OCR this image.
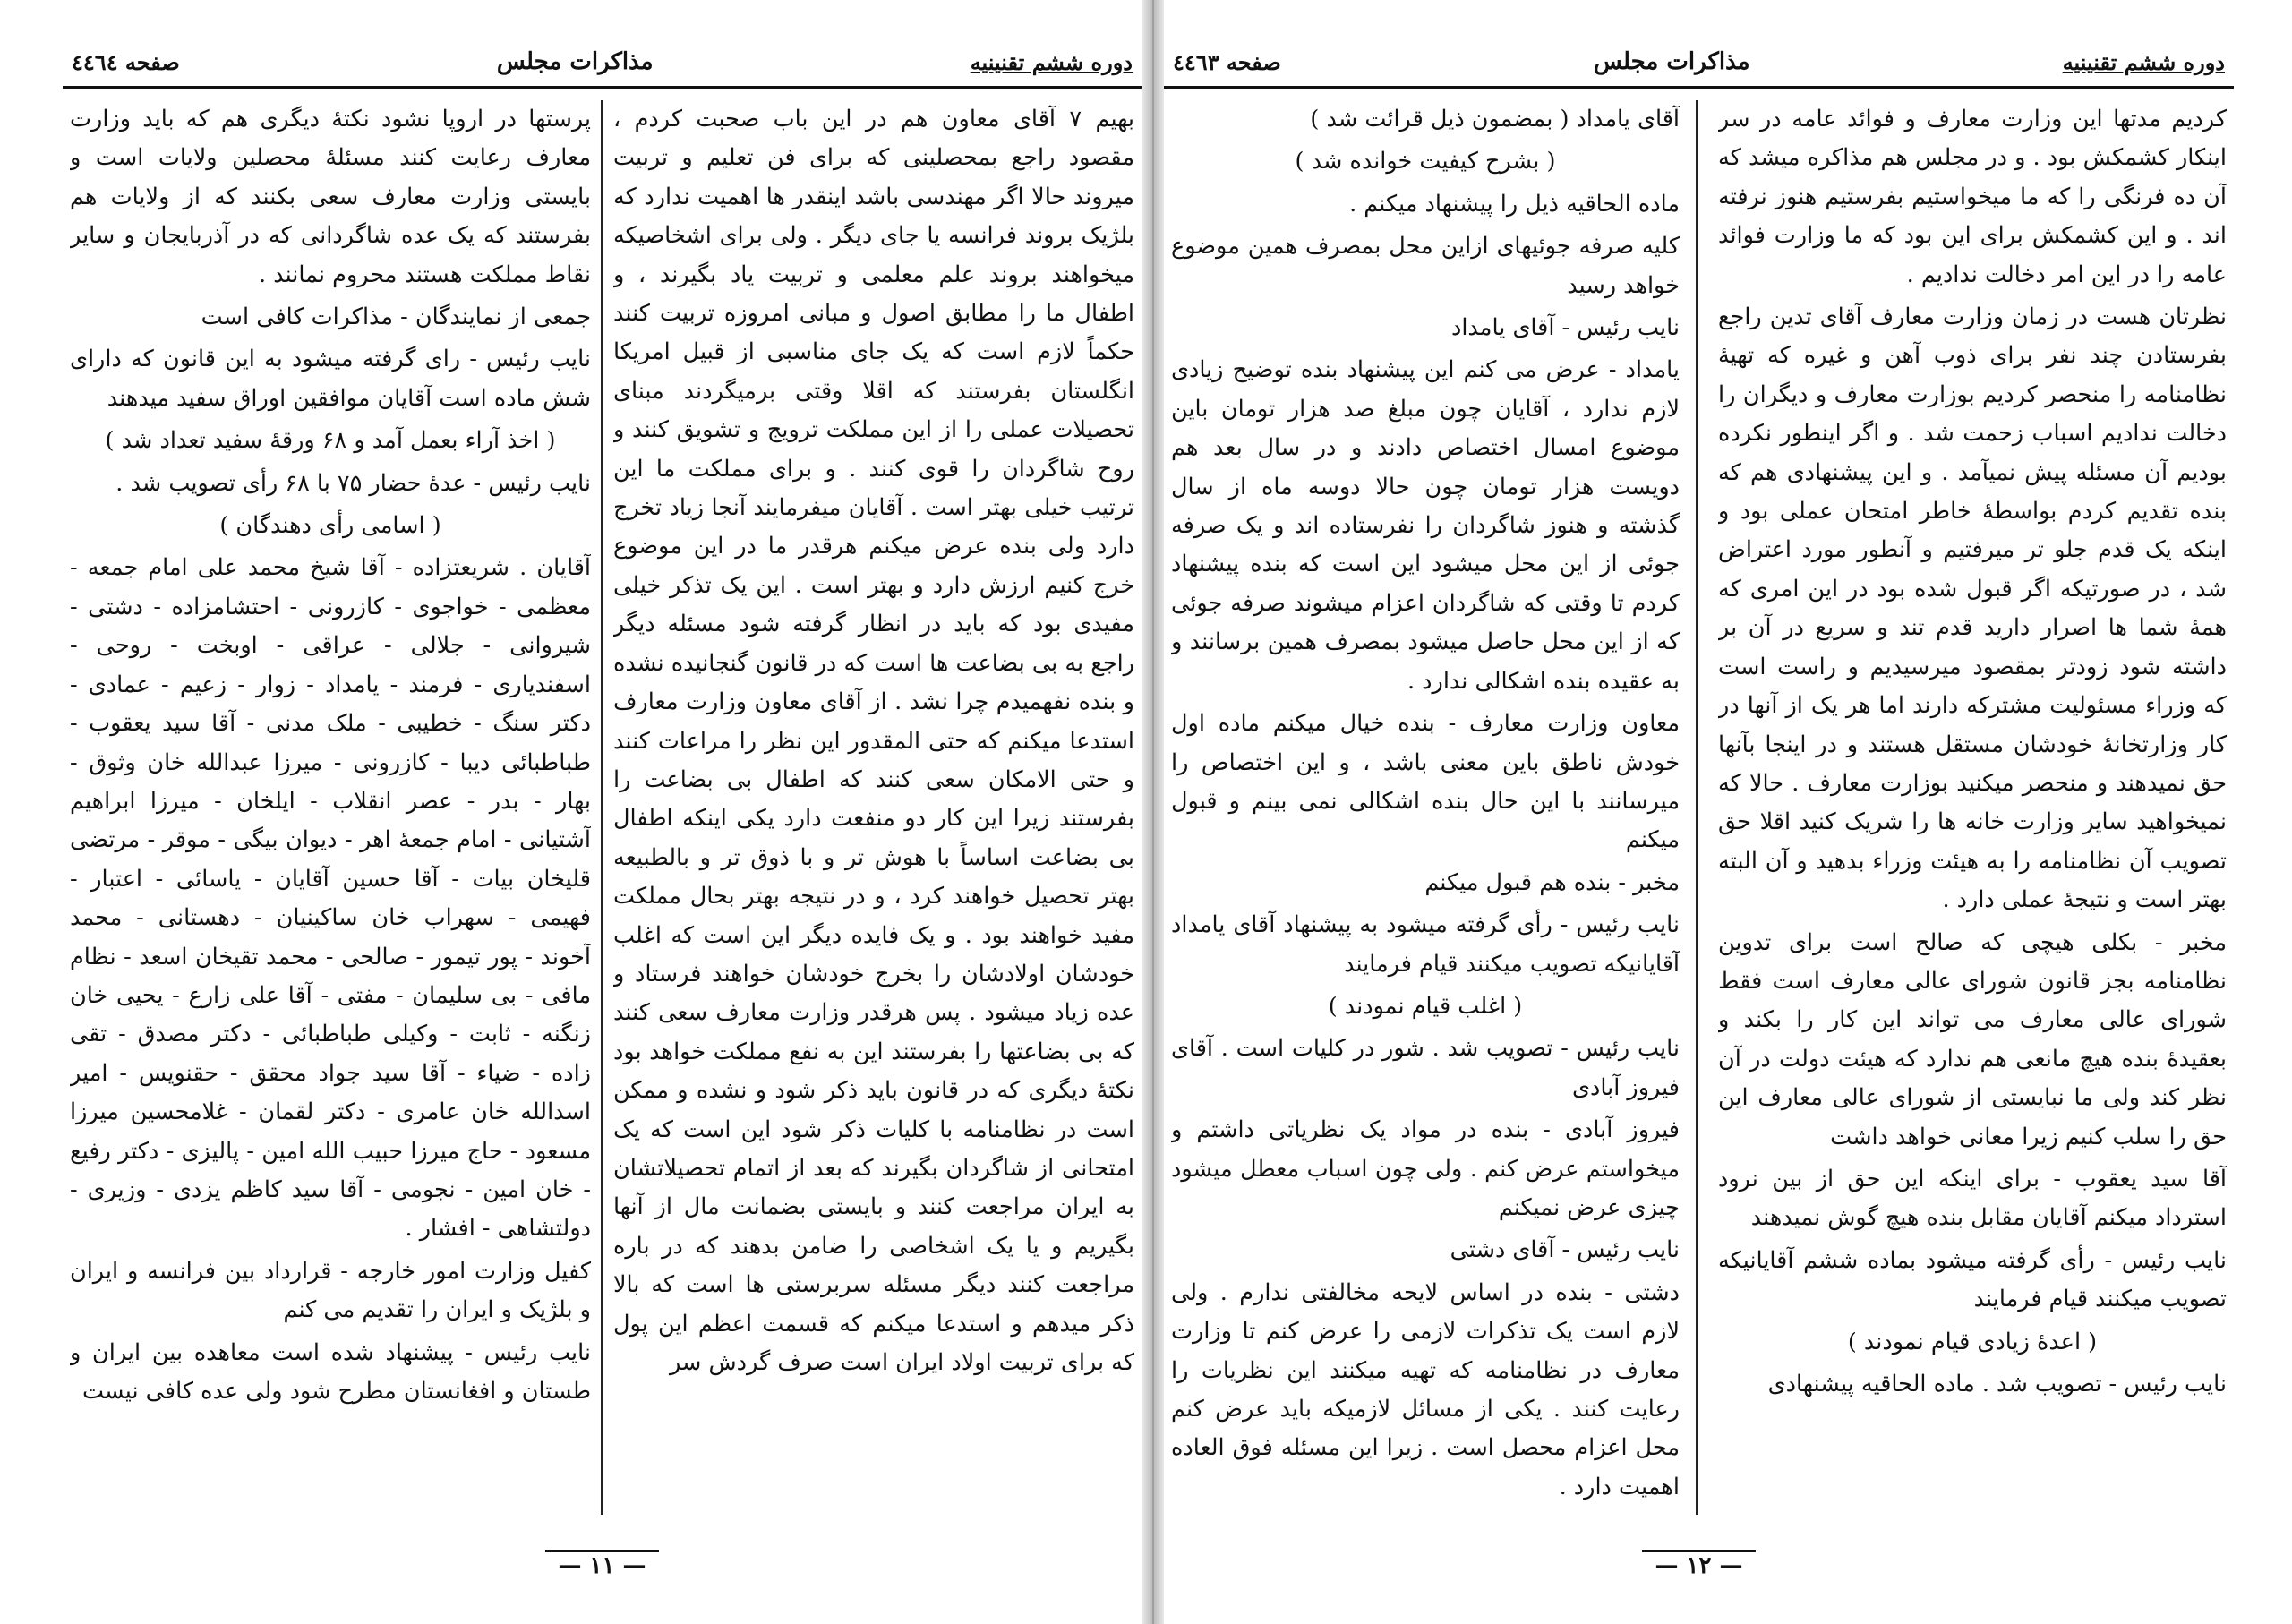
دوره ششم تقنینیه
مذاکرات مجلس
صفحه ٤٤٦٤

بهیم ۷ آقای معاون هم در این باب صحبت کردم ، مقصود راجع بمحصلینی که برای فن تعلیم و تربیت میروند حالا اگر مهندسی باشد اینقدر ها اهمیت ندارد که بلژیک بروند فرانسه یا جای دیگر . ولی برای اشخاصیکه میخواهند بروند علم معلمی و تربیت یاد بگیرند ، و اطفال ما را مطابق اصول و مبانی امروزه تربیت کنند حکماً لازم است که یک جای مناسبی از قبیل امریکا انگلستان بفرستند که اقلا وقتی برمیگردند مبنای تحصیلات عملی را از این مملکت ترویج و تشویق کنند و روح شاگردان را قوی کنند . و برای مملکت ما این ترتیب خیلی بهتر است . آقایان میفرمایند آنجا زیاد تخرج دارد ولی بنده عرض میکنم هرقدر ما در این موضوع خرج کنیم ارزش دارد و بهتر است . این یک تذکر خیلی مفیدی بود که باید در انظار گرفته شود مسئله دیگر راجع به بی بضاعت ها است که در قانون گنجانیده نشده و بنده نفهمیدم چرا نشد . از آقای معاون وزارت معارف استدعا میکنم که حتی المقدور این نظر را مراعات کنند و حتی الامکان سعی کنند که اطفال بی بضاعت را بفرستند زیرا این کار دو منفعت دارد یکی اینکه اطفال بی بضاعت اساساً با هوش تر و با ذوق تر و بالطبیعه بهتر تحصیل خواهند کرد ، و در نتیجه بهتر بحال مملکت مفید خواهند بود . و یک فایده دیگر این است که اغلب خودشان اولادشان را بخرج خودشان خواهند فرستاد و عده زیاد میشود . پس هرقدر وزارت معارف سعی کنند که بی بضاعتها را بفرستند این به نفع مملکت خواهد بود نکتهٔ دیگری که در قانون باید ذکر شود و نشده و ممکن است در نظامنامه با کلیات ذکر شود این است که یک امتحانی از شاگردان بگیرند که بعد از اتمام تحصیلاتشان به ایران مراجعت کنند و بایستی بضمانت مال از آنها بگیریم و یا یک اشخاصی را ضامن بدهند که در باره مراجعت کنند دیگر مسئله سربرستی ها است که بالا ذکر میدهم و استدعا میکنم که قسمت اعظم این پول که برای تربیت اولاد ایران است صرف گردش سر

پرستها در اروپا نشود نکتهٔ دیگری هم که باید وزارت معارف رعایت کنند مسئلهٔ محصلین ولایات است و بایستی وزارت معارف سعی بکنند که از ولایات هم بفرستند که یک عده شاگردانی که در آذربایجان و سایر نقاط مملکت هستند محروم نمانند .

جمعی از نمایندگان - مذاکرات کافی است

نایب رئیس - رای گرفته میشود به این قانون که دارای شش ماده است آقایان موافقین اوراق سفید میدهند

( اخذ آراء بعمل آمد و ۶۸ ورقهٔ سفید تعداد شد )

نایب رئیس - عدهٔ حضار ۷۵ با ۶۸ رأی تصویب شد .

( اسامی رأی دهندگان )

آقایان . شریعتزاده - آقا شیخ محمد علی امام جمعه - معظمی - خواجوی - کازرونی - احتشامزاده - دشتی - شیروانی - جلالی - عراقی - اوبخت - روحی - اسفندیاری - فرمند - یامداد - زوار - زعیم - عمادی - دکتر سنگ - خطیبی - ملک مدنی - آقا سید یعقوب - طباطبائی دیبا - کازرونی - میرزا عبدالله خان وثوق - بهار - بدر - عصر انقلاب - ایلخان - میرزا ابراهیم آشتیانی - امام جمعهٔ اهر - دیوان بیگی - موقر - مرتضی قلیخان بیات - آقا حسین آقایان - یاسائی - اعتبار - فهیمی - سهراب خان ساکینیان - دهستانی - محمد آخوند - پور تیمور - صالحی - محمد تقیخان اسعد - نظام مافی - بی سلیمان - مفتی - آقا علی زارع - یحیی خان زنگنه - ثابت - وکیلی طباطبائی - دکتر مصدق - تقی زاده - ضیاء - آقا سید جواد محقق - حقنویس - امیر اسدالله خان عامری - دکتر لقمان - غلامحسین میرزا مسعود - حاج میرزا حبیب الله امین - پالیزی - دکتر رفیع - خان امین - نجومی - آقا سید کاظم یزدی - وزیری - دولتشاهی - افشار .

کفیل وزارت امور خارجه - قرارداد بین فرانسه و ایران و بلژیک و ایران را تقدیم می کنم

نایب رئیس - پیشنهاد شده است معاهده بین ایران و طستان و افغانستان مطرح شود ولی عده کافی نیست

— ۱۱ —
دوره ششم تقنینیه
مذاکرات مجلس
صفحه ٤٤٦٣

کردیم مدتها این وزارت معارف و فوائد عامه در سر اینکار کشمکش بود . و در مجلس هم مذاکره میشد که آن ده فرنگی را که ما میخواستیم بفرستیم هنوز نرفته اند . و این کشمکش برای این بود که ما وزارت فوائد عامه را در این امر دخالت ندادیم .

نظرتان هست در زمان وزارت معارف آقای تدین راجع بفرستادن چند نفر برای ذوب آهن و غیره که تهیهٔ نظامنامه را منحصر کردیم بوزارت معارف و دیگران را دخالت ندادیم اسباب زحمت شد . و اگر اینطور نکرده بودیم آن مسئله پیش نمیآمد . و این پیشنهادی هم که بنده تقدیم کردم بواسطهٔ خاطر امتحان عملی بود و اینکه یک قدم جلو تر میرفتیم و آنطور مورد اعتراض شد ، در صورتیکه اگر قبول شده بود در این امری که همهٔ شما ها اصرار دارید قدم تند و سریع در آن بر داشته شود زودتر بمقصود میرسیدیم و راست است که وزراء مسئولیت مشترکه دارند اما هر یک از آنها در کار وزارتخانهٔ خودشان مستقل هستند و در اینجا بآنها حق نمیدهند و منحصر میکنید بوزارت معارف . حالا که نمیخواهید سایر وزارت خانه ها را شریک کنید اقلا حق تصویب آن نظامنامه را به هیئت وزراء بدهید و آن البته بهتر است و نتیجهٔ عملی دارد .

مخبر - بکلی هیچی که صالح است برای تدوین نظامنامه بجز قانون شورای عالی معارف است فقط شورای عالی معارف می تواند این کار را بکند و بعقیدهٔ بنده هیچ مانعی هم ندارد که هیئت دولت در آن نظر کند ولی ما نبایستی از شورای عالی معارف این حق را سلب کنیم زیرا معانی خواهد داشت

آقا سید یعقوب - برای اینکه این حق از بین نرود استرداد میکنم آقایان مقابل بنده هیچ گوش نمیدهند

نایب رئیس - رأی گرفته میشود بماده ششم آقایانیکه تصویب میکنند قیام فرمایند

( اعدهٔ زیادی قیام نمودند )

نایب رئیس - تصویب شد . ماده الحاقیه پیشنهادی

آقای یامداد ( بمضمون ذیل قرائت شد )

( بشرح کیفیت خوانده شد )

ماده الحاقیه ذیل را پیشنهاد میکنم .

کلیه صرفه جوئیهای ازاین محل بمصرف همین موضوع خواهد رسید

نایب رئیس - آقای یامداد

یامداد - عرض می کنم این پیشنهاد بنده توضیح زیادی لازم ندارد ، آقایان چون مبلغ صد هزار تومان باین موضوع امسال اختصاص دادند و در سال بعد هم دویست هزار تومان چون حالا دوسه ماه از سال گذشته و هنوز شاگردان را نفرستاده اند و یک صرفه جوئی از این محل میشود این است که بنده پیشنهاد کردم تا وقتی که شاگردان اعزام میشوند صرفه جوئی که از این محل حاصل میشود بمصرف همین برسانند و به عقیده بنده اشکالی ندارد .

معاون وزارت معارف - بنده خیال میکنم ماده اول خودش ناطق باین معنی باشد ، و این اختصاص را میرسانند با این حال بنده اشکالی نمی بینم و قبول میکنم

مخبر - بنده هم قبول میکنم

نایب رئیس - رأی گرفته میشود به پیشنهاد آقای یامداد آقایانیکه تصویب میکنند قیام فرمایند

( اغلب قیام نمودند )

نایب رئیس - تصویب شد . شور در کلیات است . آقای فیروز آبادی

فیروز آبادی - بنده در مواد یک نظریاتی داشتم و میخواستم عرض کنم . ولی چون اسباب معطل میشود چیزی عرض نمیکنم

نایب رئیس - آقای دشتی

دشتی - بنده در اساس لایحه مخالفتی ندارم . ولی لازم است یک تذکرات لازمی را عرض کنم تا وزارت معارف در نظامنامه که تهیه میکنند این نظریات را رعایت کنند . یکی از مسائل لازمیکه باید عرض کنم محل اعزام محصل است . زیرا این مسئله فوق العاده اهمیت دارد .

— ۱۲ —
